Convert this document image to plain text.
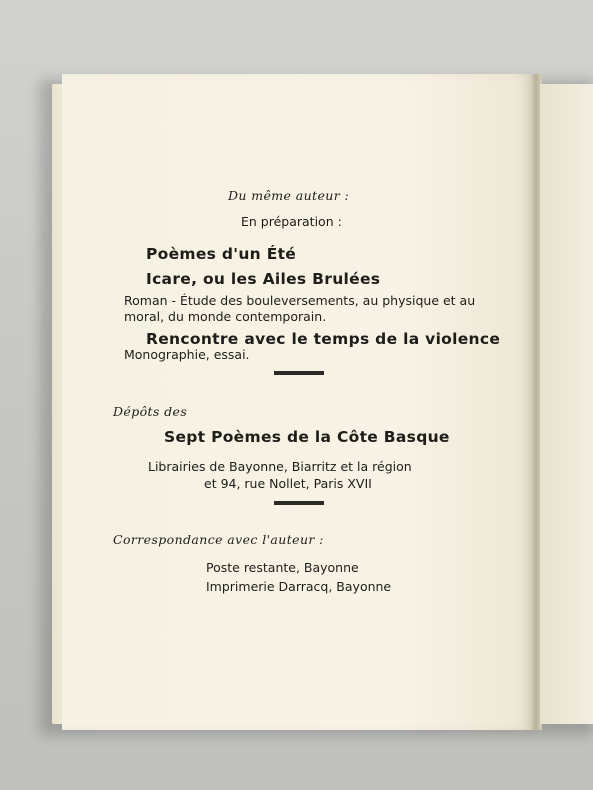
Du même auteur :
En préparation :
Poèmes d'un Été
Icare, ou les Ailes Brulées
Roman - Étude des bouleversements, au physique et au
moral, du monde contemporain.
Rencontre avec le temps de la violence
Monographie, essai.
Dépôts des
Sept Poèmes de la Côte Basque
Librairies de Bayonne, Biarritz et la région
et 94, rue Nollet, Paris XVII
Correspondance avec l'auteur :
Poste restante, Bayonne
Imprimerie Darracq, Bayonne
